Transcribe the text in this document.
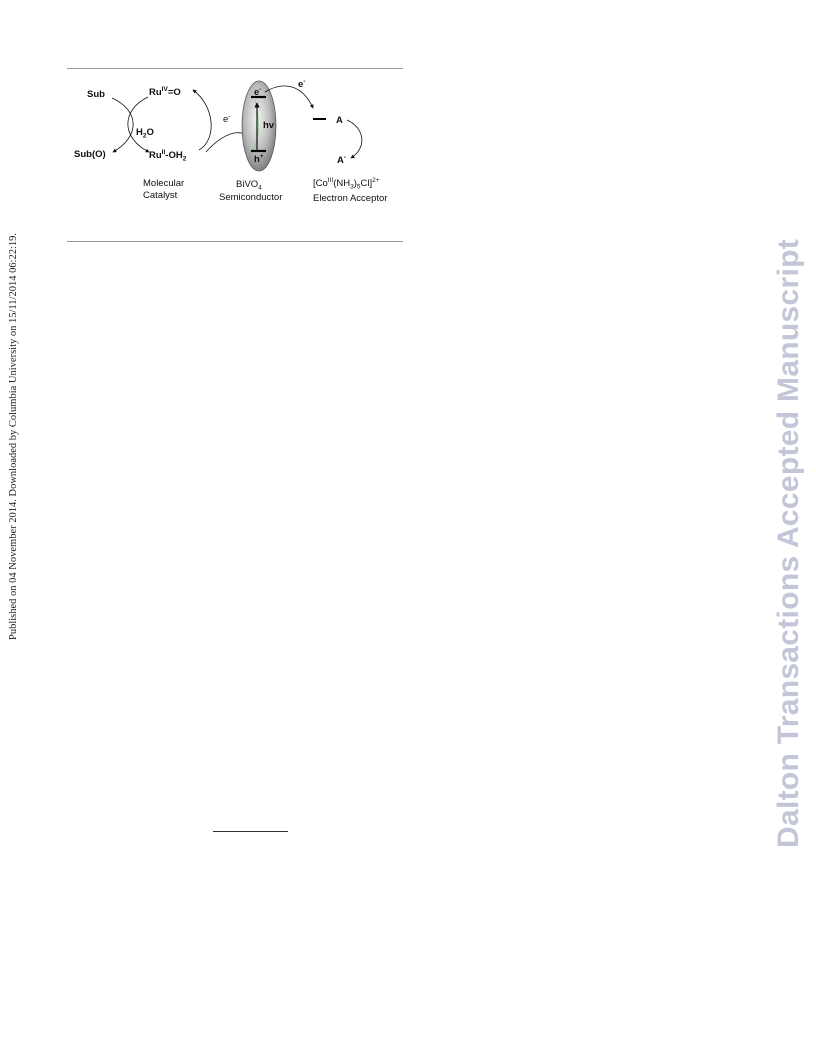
Published on 04 November 2014. Downloaded by Columbia University on 15/11/2014 06:22:19.
Sub
Sub(O)
$H_2O$
$Ru^{IV}=O$
$Ru^{II}-OH_2$
e-
e-
h+
hv
e-
A
A-
Molecular
Catalyst
BiVO$_4$
Semiconductor
$[Co^{III}(NH_3)_5Cl]^{2+}$
Electron Acceptor
Dalton Transactions Accepted Manuscript
